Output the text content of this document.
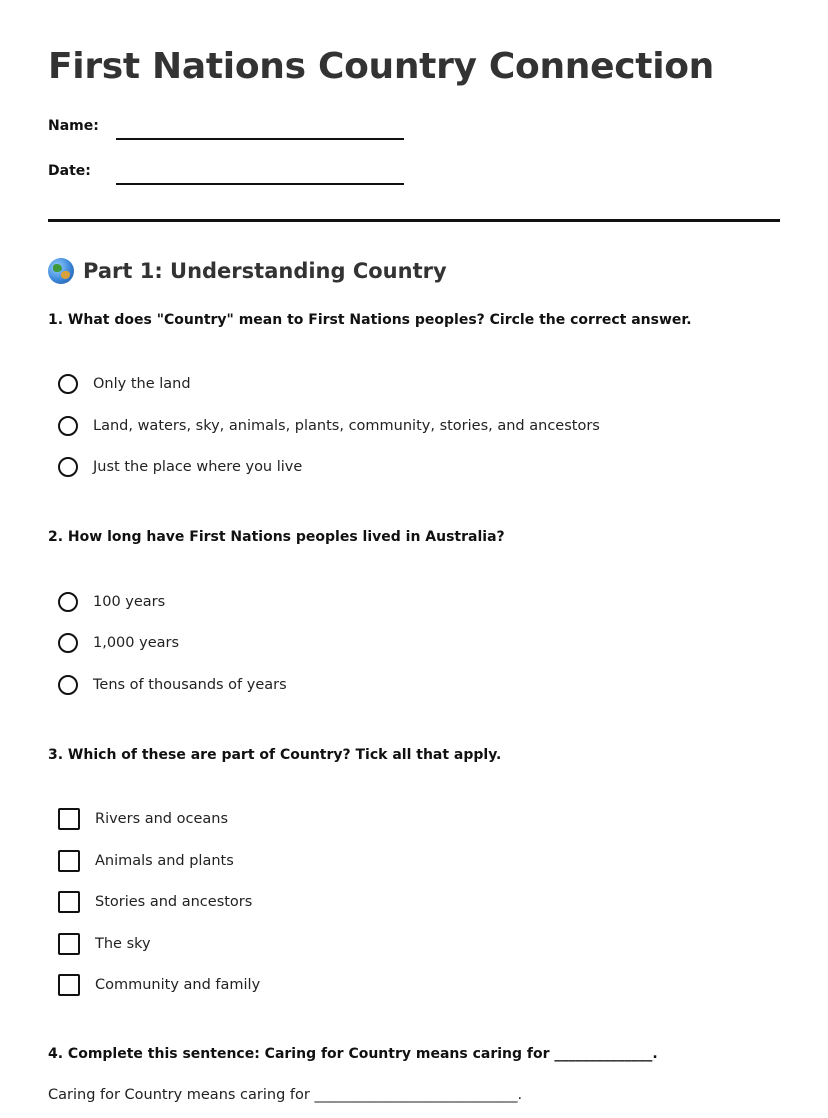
First Nations Country Connection
Name:
Date:
Part 1: Understanding Country

1. What does "Country" mean to First Nations peoples? Circle the correct answer.

Only the land
Land, waters, sky, animals, plants, community, stories, and ancestors
Just the place where you live

2. How long have First Nations peoples lived in Australia?

100 years
1,000 years
Tens of thousands of years

3. Which of these are part of Country? Tick all that apply.

Rivers and oceans
Animals and plants
Stories and ancestors
The sky
Community and family

4. Complete this sentence: Caring for Country means caring for ______________.

Caring for Country means caring for ____________________________.
